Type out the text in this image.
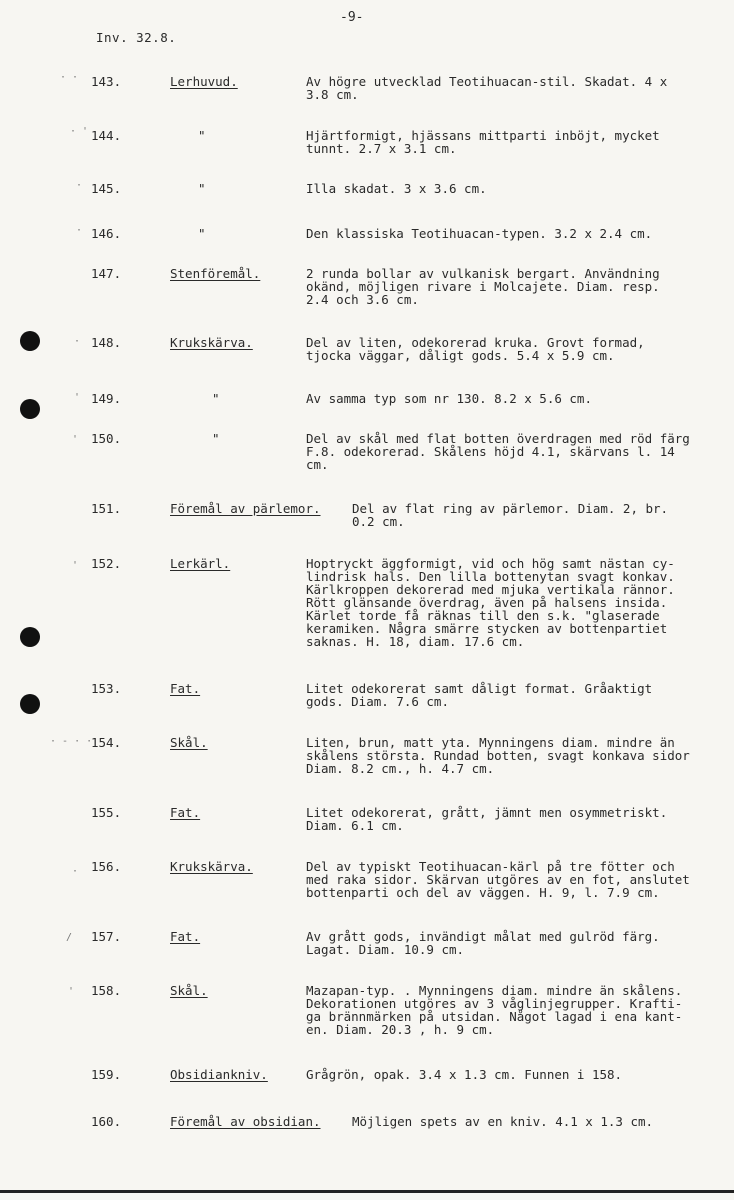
-9-
Inv. 32.8.
· ·
· '
·
·
·
'
'
'
· - · ·
·
/
'
143.	Lerhuvud.	Av högre utvecklad Teotihuacan-stil. Skadat. 4 x
3.8 cm.
144.	"	Hjärtformigt, hjässans mittparti inböjt, mycket
tunnt. 2.7 x 3.1 cm.
145.	"	Illa skadat. 3 x 3.6 cm.
146.	"	Den klassiska Teotihuacan-typen. 3.2 x 2.4 cm.
147.	Stenföremål.	2 runda bollar av vulkanisk bergart. Användning
okänd, möjligen rivare i Molcajete. Diam. resp.
2.4 och 3.6 cm.
148.	Krukskärva.	Del av liten, odekorerad kruka. Grovt formad,
tjocka väggar, dåligt gods. 5.4 x 5.9 cm.
149.	"	Av samma typ som nr 130. 8.2 x 5.6 cm.
150.	"	Del av skål med flat botten överdragen med röd färg
F.8. odekorerad. Skålens höjd 4.1, skärvans l. 14
cm.
151.	Föremål av pärlemor.	Del av flat ring av pärlemor. Diam. 2, br.
0.2 cm.
152.	Lerkärl.	Hoptryckt äggformigt, vid och hög samt nästan cy-
lindrisk hals. Den lilla bottenytan svagt konkav.
Kärlkroppen dekorerad med mjuka vertikala rännor.
Rött glänsande överdrag, även på halsens insida.
Kärlet torde få räknas till den s.k. "glaserade
keramiken. Några smärre stycken av bottenpartiet
saknas. H. 18, diam. 17.6 cm.
153.	Fat.	Litet odekorerat samt dåligt format. Gråaktigt
gods. Diam. 7.6 cm.
154.	Skål.	Liten, brun, matt yta. Mynningens diam. mindre än
skålens största. Rundad botten, svagt konkava sidor
Diam. 8.2 cm., h. 4.7 cm.
155.	Fat.	Litet odekorerat, grått, jämnt men osymmetriskt.
Diam. 6.1 cm.
156.	Krukskärva.	Del av typiskt Teotihuacan-kärl på tre fötter och
med raka sidor. Skärvan utgöres av en fot, anslutet
bottenparti och del av väggen. H. 9, l. 7.9 cm.
157.	Fat.	Av grått gods, invändigt målat med gulröd färg.
Lagat. Diam. 10.9 cm.
158.	Skål.	Mazapan-typ. . Mynningens diam. mindre än skålens.
Dekorationen utgöres av 3 våglinjegrupper. Krafti-
ga brännmärken på utsidan. Något lagad i ena kant-
en. Diam. 20.3 , h. 9 cm.
159.	Obsidiankniv.	Grågrön, opak. 3.4 x 1.3 cm. Funnen i 158.
160.	Föremål av obsidian.	Möjligen spets av en kniv. 4.1 x 1.3 cm.
